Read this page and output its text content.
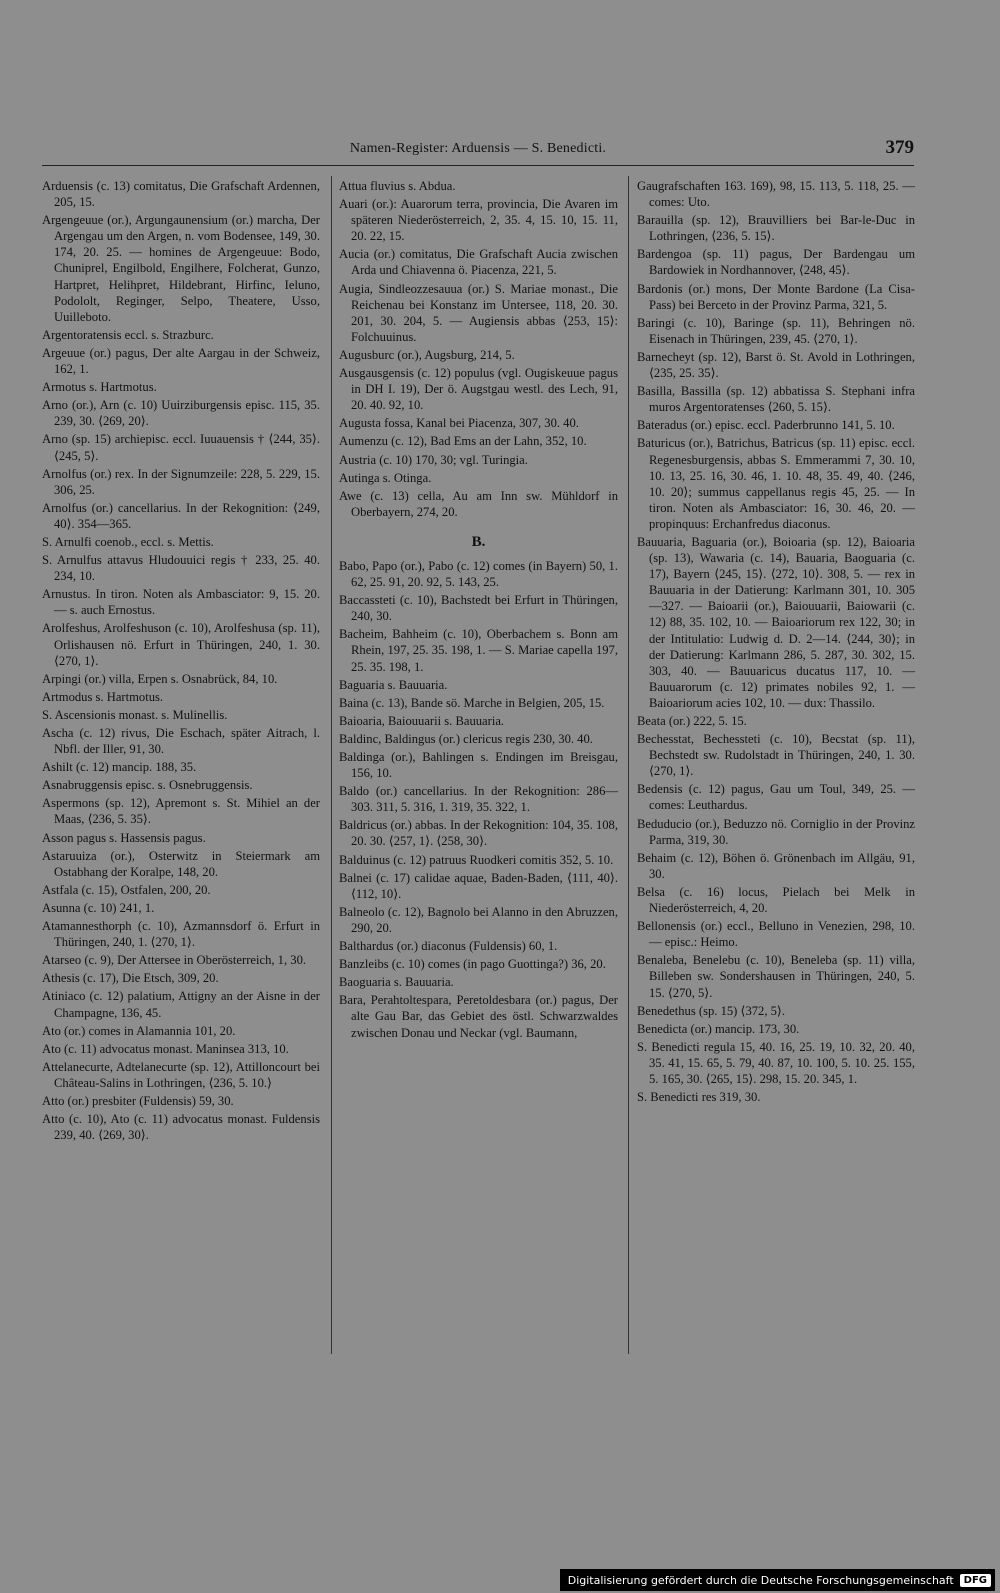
Namen-Register: Arduensis — S. Benedicti.	379
Arduensis (c. 13) comitatus, Die Grafschaft Ardennen, 205, 15.
Argengeuue (or.), Argungaunensium (or.) marcha, Der Argengau um den Argen, n. vom Bodensee, 149, 30. 174, 20. 25. — homines de Argengeuue: Bodo, Chuniprel, Engilbold, Engilhere, Folcherat, Gunzo, Hartpret, Helihpret, Hildebrant, Hirfinc, Ieluno, Podololt, Reginger, Selpo, Theatere, Usso, Uuilleboto.
Argentoratensis eccl. s. Strazburc.
Argeuue (or.) pagus, Der alte Aargau in der Schweiz, 162, 1.
Armotus s. Hartmotus.
Arno (or.), Arn (c. 10) Uuirziburgensis episc. 115, 35. 239, 30. ⟨269, 20⟩.
Arno (sp. 15) archiepisc. eccl. Iuuauensis † ⟨244, 35⟩. ⟨245, 5⟩.
Arnolfus (or.) rex. In der Signumzeile: 228, 5. 229, 15. 306, 25.
Arnolfus (or.) cancellarius. In der Rekognition: ⟨249, 40⟩. 354—365.
S. Arnulfi coenob., eccl. s. Mettis.
S. Arnulfus attavus Hludouuici regis † 233, 25. 40. 234, 10.
Arnustus. In tiron. Noten als Ambasciator: 9, 15. 20. — s. auch Ernostus.
Arolfeshus, Arolfeshuson (c. 10), Arolfeshusa (sp. 11), Orlishausen nö. Erfurt in Thüringen, 240, 1. 30. ⟨270, 1⟩.
Arpingi (or.) villa, Erpen s. Osnabrück, 84, 10.
Artmodus s. Hartmotus.
S. Ascensionis monast. s. Mulinellis.
Ascha (c. 12) rivus, Die Eschach, später Aitrach, l. Nbfl. der Iller, 91, 30.
Ashilt (c. 12) mancip. 188, 35.
Asnabruggensis episc. s. Osnebruggensis.
Aspermons (sp. 12), Apremont s. St. Mihiel an der Maas, ⟨236, 5. 35⟩.
Asson pagus s. Hassensis pagus.
Astaruuiza (or.), Osterwitz in Steiermark am Ostabhang der Koralpe, 148, 20.
Astfala (c. 15), Ostfalen, 200, 20.
Asunna (c. 10) 241, 1.
Atamannesthorph (c. 10), Azmannsdorf ö. Erfurt in Thüringen, 240, 1. ⟨270, 1⟩.
Atarseo (c. 9), Der Attersee in Oberösterreich, 1, 30.
Athesis (c. 17), Die Etsch, 309, 20.
Atiniaco (c. 12) palatium, Attigny an der Aisne in der Champagne, 136, 45.
Ato (or.) comes in Alamannia 101, 20.
Ato (c. 11) advocatus monast. Maninsea 313, 10.
Attelanecurte, Adtelanecurte (sp. 12), Attilloncourt bei Château-Salins in Lothringen, ⟨236, 5. 10.⟩
Atto (or.) presbiter (Fuldensis) 59, 30.
Atto (c. 10), Ato (c. 11) advocatus monast. Fuldensis 239, 40. ⟨269, 30⟩.
Attua fluvius s. Abdua.
Auari (or.): Auarorum terra, provincia, Die Avaren im späteren Niederösterreich, 2, 35. 4, 15. 10, 15. 11, 20. 22, 15.
Aucia (or.) comitatus, Die Grafschaft Aucia zwischen Arda und Chiavenna ö. Piacenza, 221, 5.
Augia, Sindleozzesauua (or.) S. Mariae monast., Die Reichenau bei Konstanz im Untersee, 118, 20. 30. 201, 30. 204, 5. — Augiensis abbas ⟨253, 15⟩: Folchuuinus.
Augusburc (or.), Augsburg, 214, 5.
Ausgausgensis (c. 12) populus (vgl. Ougiskeuue pagus in DH I. 19), Der ö. Augstgau westl. des Lech, 91, 20. 40. 92, 10.
Augusta fossa, Kanal bei Piacenza, 307, 30. 40.
Aumenzu (c. 12), Bad Ems an der Lahn, 352, 10.
Austria (c. 10) 170, 30; vgl. Turingia.
Autinga s. Otinga.
Awe (c. 13) cella, Au am Inn sw. Mühldorf in Oberbayern, 274, 20.
B.
Babo, Papo (or.), Pabo (c. 12) comes (in Bayern) 50, 1. 62, 25. 91, 20. 92, 5. 143, 25.
Baccassteti (c. 10), Bachstedt bei Erfurt in Thüringen, 240, 30.
Bacheim, Bahheim (c. 10), Oberbachem s. Bonn am Rhein, 197, 25. 35. 198, 1. — S. Mariae capella 197, 25. 35. 198, 1.
Baguaria s. Bauuaria.
Baina (c. 13), Bande sö. Marche in Belgien, 205, 15.
Baioaria, Baiouuarii s. Bauuaria.
Baldinc, Baldingus (or.) clericus regis 230, 30. 40.
Baldinga (or.), Bahlingen s. Endingen im Breisgau, 156, 10.
Baldo (or.) cancellarius. In der Rekognition: 286—303. 311, 5. 316, 1. 319, 35. 322, 1.
Baldricus (or.) abbas. In der Rekognition: 104, 35. 108, 20. 30. ⟨257, 1⟩. ⟨258, 30⟩.
Balduinus (c. 12) patruus Ruodkeri comitis 352, 5. 10.
Balnei (c. 17) calidae aquae, Baden-Baden, ⟨111, 40⟩. ⟨112, 10⟩.
Balneolo (c. 12), Bagnolo bei Alanno in den Abruzzen, 290, 20.
Balthardus (or.) diaconus (Fuldensis) 60, 1.
Banzleibs (c. 10) comes (in pago Guottinga?) 36, 20.
Baoguaria s. Bauuaria.
Bara, Perahtoltespara, Peretoldesbara (or.) pagus, Der alte Gau Bar, das Gebiet des östl. Schwarzwaldes zwischen Donau und Neckar (vgl. Baumann,
Gaugrafschaften 163. 169), 98, 15. 113, 5. 118, 25. — comes: Uto.
Barauilla (sp. 12), Brauvilliers bei Bar-le-Duc in Lothringen, ⟨236, 5. 15⟩.
Bardengoa (sp. 11) pagus, Der Bardengau um Bardowiek in Nordhannover, ⟨248, 45⟩.
Bardonis (or.) mons, Der Monte Bardone (La Cisa-Pass) bei Berceto in der Provinz Parma, 321, 5.
Baringi (c. 10), Baringe (sp. 11), Behringen nö. Eisenach in Thüringen, 239, 45. ⟨270, 1⟩.
Barnecheyt (sp. 12), Barst ö. St. Avold in Lothringen, ⟨235, 25. 35⟩.
Basilla, Bassilla (sp. 12) abbatissa S. Stephani infra muros Argentoratenses ⟨260, 5. 15⟩.
Bateradus (or.) episc. eccl. Paderbrunno 141, 5. 10.
Baturicus (or.), Batrichus, Batricus (sp. 11) episc. eccl. Regenesburgensis, abbas S. Emmerammi 7, 30. 10, 10. 13, 25. 16, 30. 46, 1. 10. 48, 35. 49, 40. ⟨246, 10. 20⟩; summus cappellanus regis 45, 25. — In tiron. Noten als Ambasciator: 16, 30. 46, 20. — propinquus: Erchanfredus diaconus.
Bauuaria, Baguaria (or.), Boioaria (sp. 12), Baioaria (sp. 13), Wawaria (c. 14), Bauaria, Baoguaria (c. 17), Bayern ⟨245, 15⟩. ⟨272, 10⟩. 308, 5. — rex in Bauuaria in der Datierung: Karlmann 301, 10. 305—327. — Baioarii (or.), Baiouuarii, Baiowarii (c. 12) 88, 35. 102, 10. — Baioariorum rex 122, 30; in der Intitulatio: Ludwig d. D. 2—14. ⟨244, 30⟩; in der Datierung: Karlmann 286, 5. 287, 30. 302, 15. 303, 40. — Bauuaricus ducatus 117, 10. — Bauuarorum (c. 12) primates nobiles 92, 1. — Baioariorum acies 102, 10. — dux: Thassilo.
Beata (or.) 222, 5. 15.
Bechesstat, Bechessteti (c. 10), Becstat (sp. 11), Bechstedt sw. Rudolstadt in Thüringen, 240, 1. 30. ⟨270, 1⟩.
Bedensis (c. 12) pagus, Gau um Toul, 349, 25. — comes: Leuthardus.
Beduducio (or.), Beduzzo nö. Corniglio in der Provinz Parma, 319, 30.
Behaim (c. 12), Böhen ö. Grönenbach im Allgäu, 91, 30.
Belsa (c. 16) locus, Pielach bei Melk in Niederösterreich, 4, 20.
Bellonensis (or.) eccl., Belluno in Venezien, 298, 10. — episc.: Heimo.
Benaleba, Benelebu (c. 10), Beneleba (sp. 11) villa, Billeben sw. Sondershausen in Thüringen, 240, 5. 15. ⟨270, 5⟩.
Benedethus (sp. 15) ⟨372, 5⟩.
Benedicta (or.) mancip. 173, 30.
S. Benedicti regula 15, 40. 16, 25. 19, 10. 32, 20. 40, 35. 41, 15. 65, 5. 79, 40. 87, 10. 100, 5. 10. 25. 155, 5. 165, 30. ⟨265, 15⟩. 298, 15. 20. 345, 1.
S. Benedicti res 319, 30.
Digitalisierung gefördert durch die Deutsche Forschungsgemeinschaft	DFG
